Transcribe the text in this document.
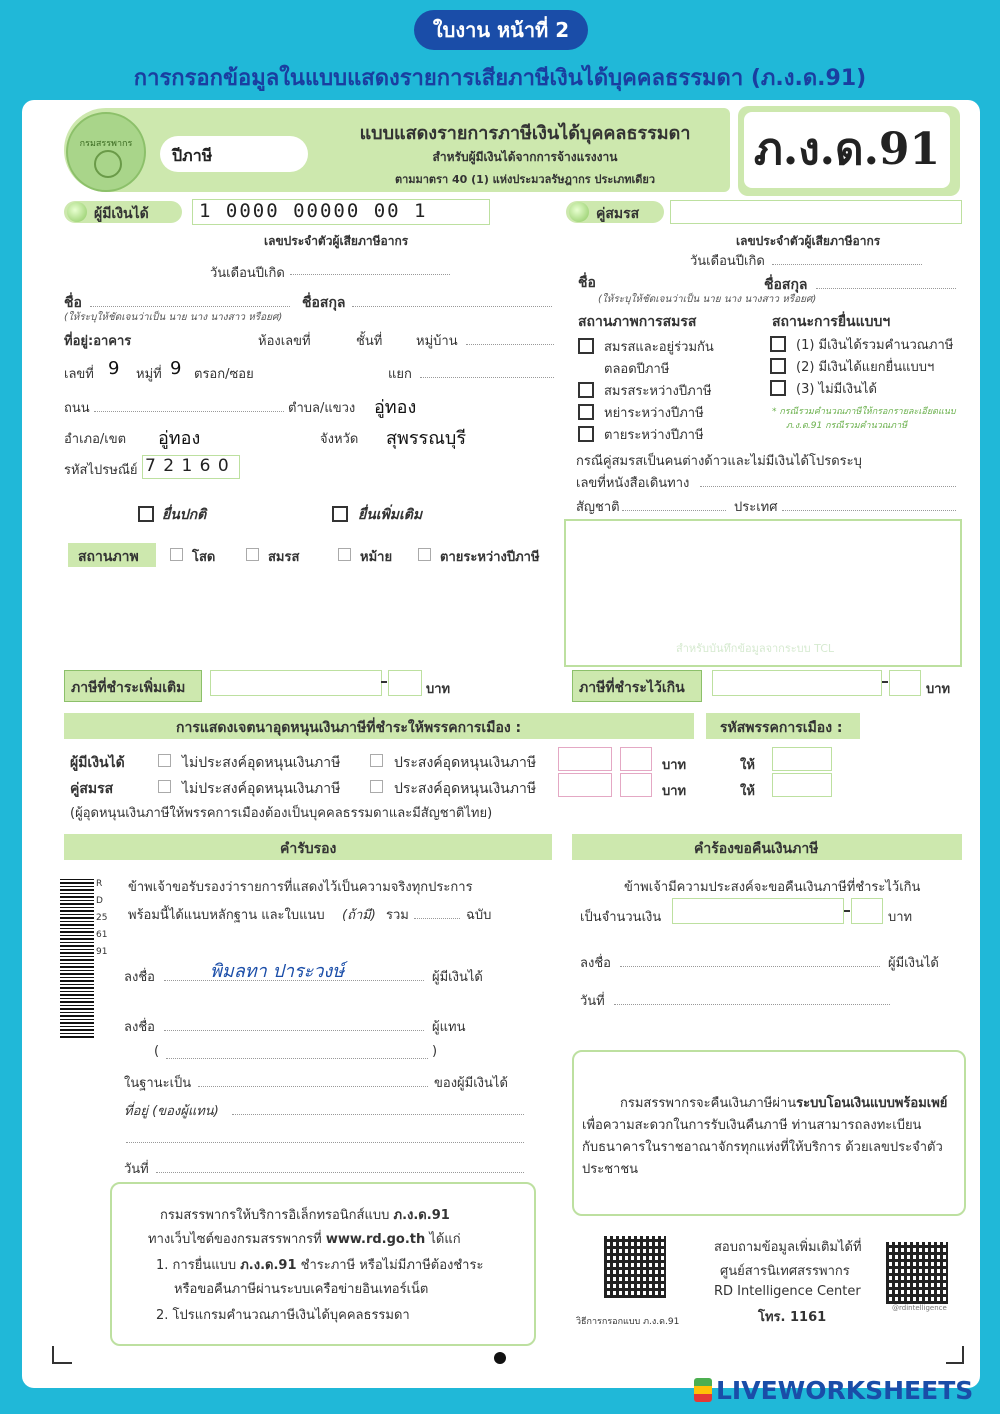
ใบงาน หน้าที่ 2
การกรอกข้อมูลในแบบแสดงรายการเสียภาษีเงินได้บุคคลธรรมดา (ภ.ง.ด.91)
กรมสรรพากร
ปีภาษี
แบบแสดงรายการภาษีเงินได้บุคคลธรรมดา
สำหรับผู้มีเงินได้จากการจ้างแรงงาน
ตามมาตรา 40 (1) แห่งประมวลรัษฎากร ประเภทเดียว
ภ.ง.ด.91
ผู้มีเงินได้	1 0000 00000 00 1
เลขประจำตัวผู้เสียภาษีอากร
วันเดือนปีเกิด
ชื่อ	ชื่อสกุล
(ให้ระบุให้ชัดเจนว่าเป็น นาย นาง นางสาว หรือยศ)
ที่อยู่:อาคาร	ห้องเลขที่	ชั้นที่	หมู่บ้าน
เลขที่ 9 หมู่ที่ 9 ตรอก/ซอย	แยก
ถนน	ตำบล/แขวง อู่ทอง
อำเภอ/เขต อู่ทอง	จังหวัด สุพรรณบุรี
รหัสไปรษณีย์ 7 2 1 6 0
ยื่นปกติ	ยื่นเพิ่มเติม
สถานภาพ	โสด	สมรส	หม้าย	ตายระหว่างปีภาษี
คู่สมรส
เลขประจำตัวผู้เสียภาษีอากร
วันเดือนปีเกิด
ชื่อ	ชื่อสกุล
(ให้ระบุให้ชัดเจนว่าเป็น นาย นาง นางสาว หรือยศ)
สถานภาพการสมรส	สถานะการยื่นแบบฯ
สมรสและอยู่ร่วมกัน
ตลอดปีภาษี
สมรสระหว่างปีภาษี
หย่าระหว่างปีภาษี
ตายระหว่างปีภาษี
(1) มีเงินได้รวมคำนวณภาษี
(2) มีเงินได้แยกยื่นแบบฯ
(3) ไม่มีเงินได้
* กรณีรวมคำนวณภาษีให้กรอกรายละเอียดแนบ
ภ.ง.ด.91 กรณีรวมคำนวณภาษี
กรณีคู่สมรสเป็นคนต่างด้าวและไม่มีเงินได้โปรดระบุ
เลขที่หนังสือเดินทาง
สัญชาติ	ประเทศ
สำหรับบันทึกข้อมูลจากระบบ TCL
ภาษีที่ชำระเพิ่มเติม	บาท	ภาษีที่ชำระไว้เกิน	บาท
การแสดงเจตนาอุดหนุนเงินภาษีที่ชำระให้พรรคการเมือง :	รหัสพรรคการเมือง :
ผู้มีเงินได้	ไม่ประสงค์อุดหนุนเงินภาษี	ประสงค์อุดหนุนเงินภาษี	บาท	ให้
คู่สมรส	ไม่ประสงค์อุดหนุนเงินภาษี	ประสงค์อุดหนุนเงินภาษี	บาท	ให้
(ผู้อุดหนุนเงินภาษีให้พรรคการเมืองต้องเป็นบุคคลธรรมดาและมีสัญชาติไทย)
คำรับรอง
RD256191
ข้าพเจ้าขอรับรองว่ารายการที่แสดงไว้เป็นความจริงทุกประการ
พร้อมนี้ได้แนบหลักฐาน และใบแนบ (ถ้ามี) รวม	ฉบับ
ลงชื่อ	พิมลทา ปาระวงษ์	ผู้มีเงินได้
ลงชื่อ	ผู้แทน
(	)
ในฐานะเป็น	ของผู้มีเงินได้
ที่อยู่ (ของผู้แทน)
วันที่
คำร้องขอคืนเงินภาษี
ข้าพเจ้ามีความประสงค์จะขอคืนเงินภาษีที่ชำระไว้เกิน
เป็นจำนวนเงิน	บาท
ลงชื่อ	ผู้มีเงินได้
วันที่
กรมสรรพากรจะคืนเงินภาษีผ่านระบบโอนเงินแบบพร้อมเพย์
เพื่อความสะดวกในการรับเงินคืนภาษี ท่านสามารถลงทะเบียน
กับธนาคารในราชอาณาจักรทุกแห่งที่ให้บริการ ด้วยเลขประจำตัว
ประชาชน
กรมสรรพากรให้บริการอิเล็กทรอนิกส์แบบ ภ.ง.ด.91
ทางเว็บไซต์ของกรมสรรพากรที่ www.rd.go.th ได้แก่
1. การยื่นแบบ ภ.ง.ด.91 ชำระภาษี หรือไม่มีภาษีต้องชำระ
หรือขอคืนภาษีผ่านระบบเครือข่ายอินเทอร์เน็ต
2. โปรแกรมคำนวณภาษีเงินได้บุคคลธรรมดา	วิธีการกรอกแบบ ภ.ง.ด.91
สอบถามข้อมูลเพิ่มเติมได้ที่
ศูนย์สารนิเทศสรรพากร
RD Intelligence Center
โทร. 1161
@rdintelligence
LIVEWORKSHEETS
